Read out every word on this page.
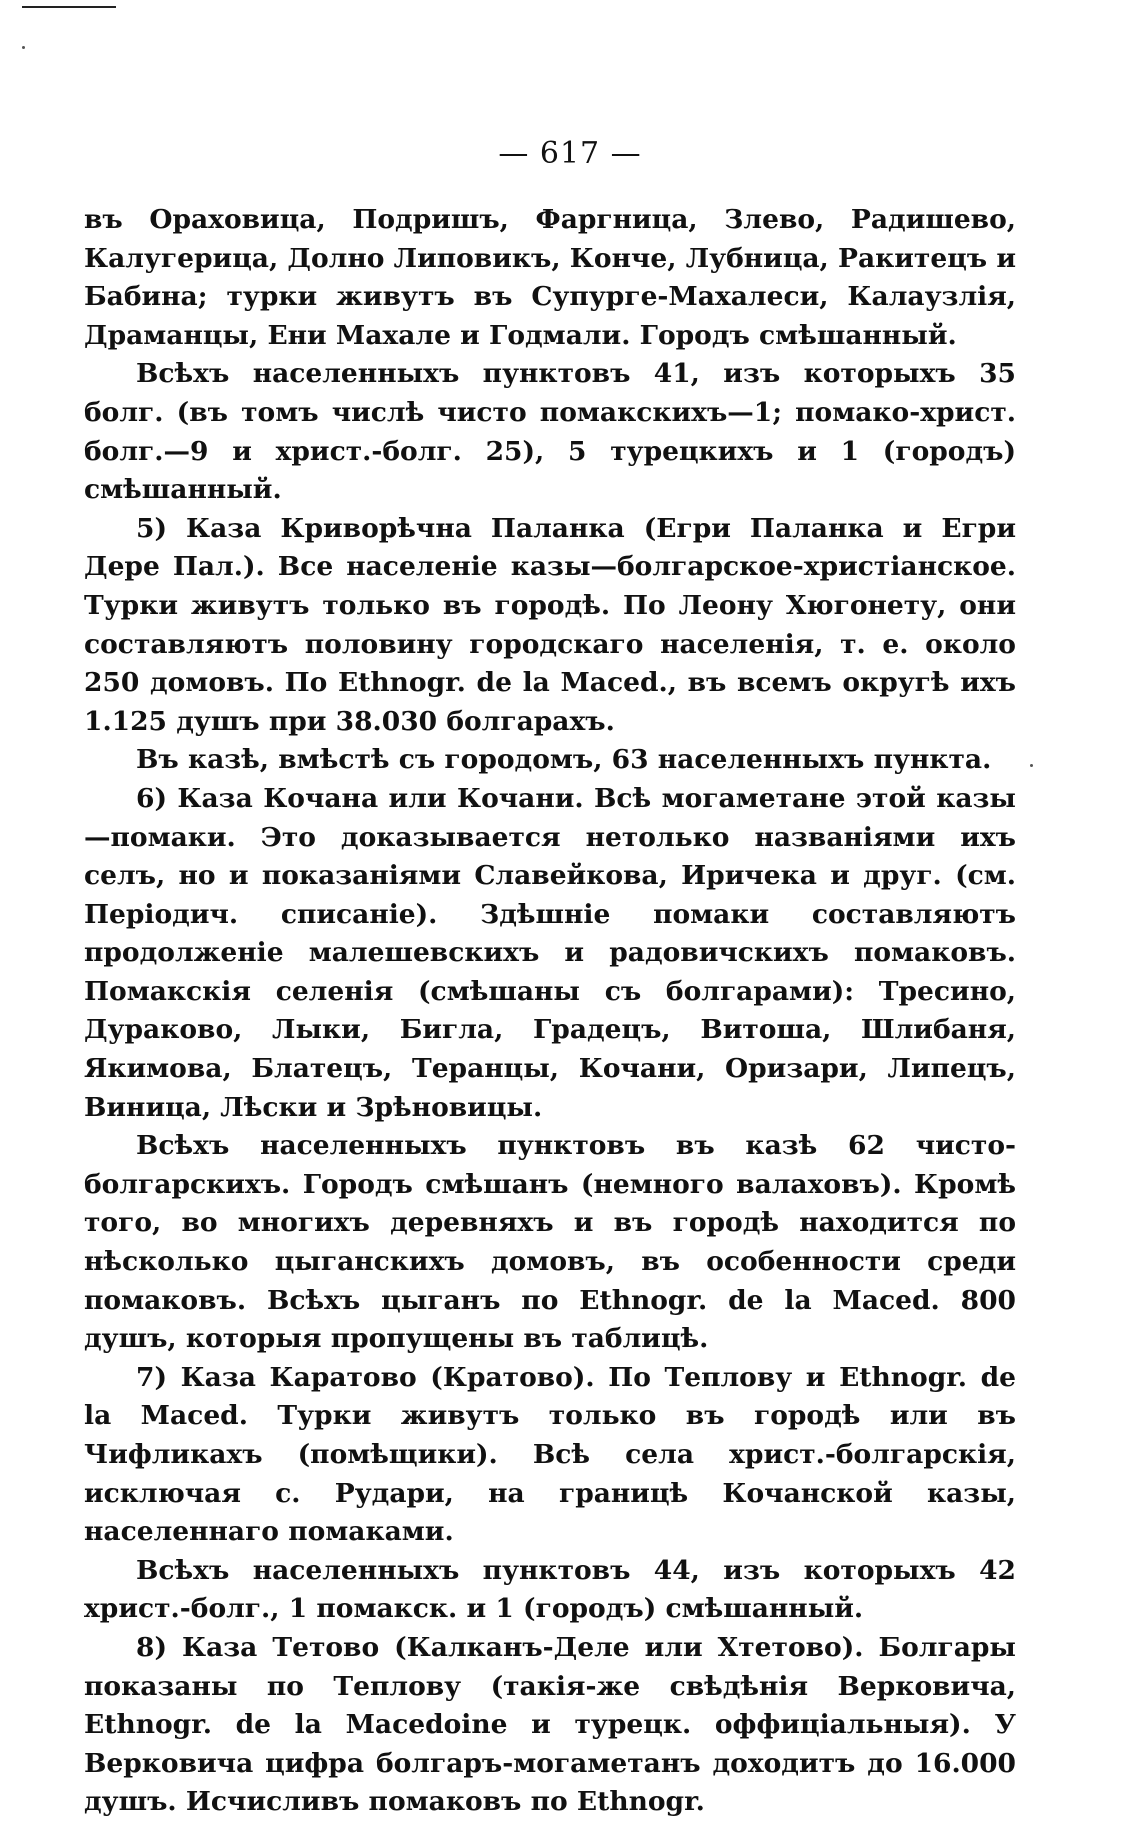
— 617 —

въ Ораховица, Подришъ, Фаргница, Злево, Радишево, Калугерица, Долно Липовикъ, Конче, Лубница, Ракитецъ и Бабина; турки живутъ въ Супурге-Махалеси, Калаузлія, Драманцы, Ени Махале и Годмали. Городъ смѣшанный.

Всѣхъ населенныхъ пунктовъ 41, изъ которыхъ 35 болг. (въ томъ числѣ чисто помакскихъ—1; помако-христ. болг.—9 и христ.-болг. 25), 5 турецкихъ и 1 (городъ) смѣшанный.

5) Каза Криворѣчна Паланка (Егри Паланка и Егри Дере Пал.). Все населеніе казы—болгарское-христіанское. Турки живутъ только въ городѣ. По Леону Хюгонету, они составляютъ половину городскаго населенія, т. е. около 250 домовъ. По Ethnogr. de la Maced., въ всемъ округѣ ихъ 1.125 душъ при 38.030 болгарахъ.

Въ казѣ, вмѣстѣ съ городомъ, 63 населенныхъ пункта.

6) Каза Кочана или Кочани. Всѣ могаметане этой казы—помаки. Это доказывается нетолько названіями ихъ селъ, но и показаніями Славейкова, Иричека и друг. (см. Періодич. списаніе). Здѣшніе помаки составляютъ продолженіе малешевскихъ и радовичскихъ помаковъ. Помакскія селенія (смѣшаны съ болгарами): Тресино, Дураково, Лыки, Бигла, Градецъ, Витоша, Шлибаня, Якимова, Блатецъ, Теранцы, Кочани, Оризари, Липецъ, Виница, Лѣски и Зрѣновицы.

Всѣхъ населенныхъ пунктовъ въ казѣ 62 чисто-болгарскихъ. Городъ смѣшанъ (немного валаховъ). Кромѣ того, во многихъ деревняхъ и въ городѣ находится по нѣсколько цыганскихъ домовъ, въ особенности среди помаковъ. Всѣхъ цыганъ по Ethnogr. de la Maced. 800 душъ, которыя пропущены въ таблицѣ.

7) Каза Каратово (Кратово). По Теплову и Ethnogr. de la Maced. Турки живутъ только въ городѣ или въ Чифликахъ (помѣщики). Всѣ села христ.-болгарскія, исключая с. Рудари, на границѣ Кочанской казы, населеннаго помаками.

Всѣхъ населенныхъ пунктовъ 44, изъ которыхъ 42 христ.-болг., 1 помакск. и 1 (городъ) смѣшанный.

8) Каза Тетово (Калканъ-Деле или Хтетово). Болгары показаны по Теплову (такія-же свѣдѣнія Верковича, Ethnogr. de la Macedoine и турецк. оффиціальныя). У Верковича цифра болгаръ-могаметанъ доходитъ до 16.000 душъ. Исчисливъ помаковъ по Ethnogr.
